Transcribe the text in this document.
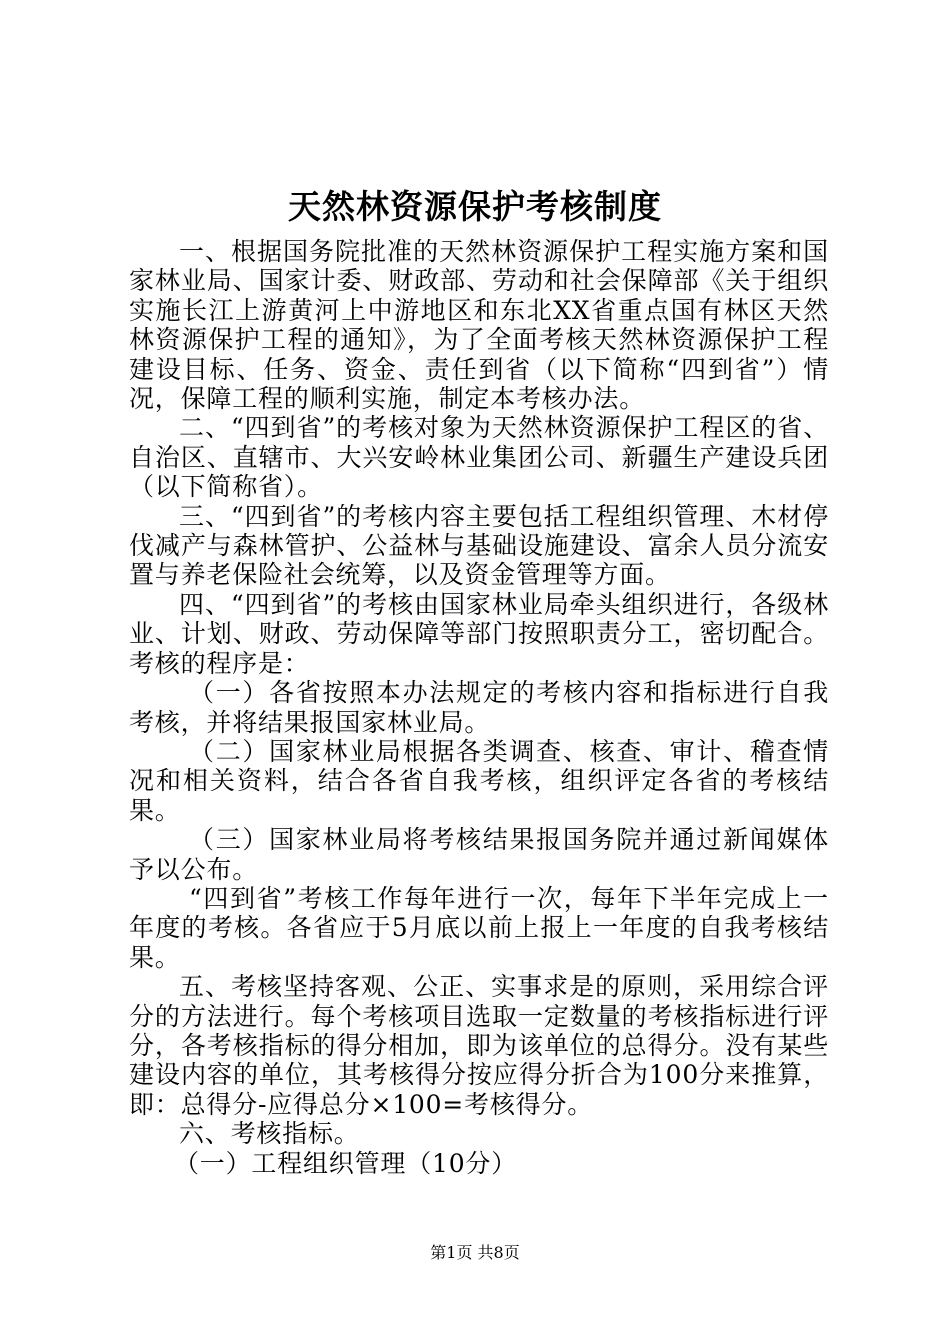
天然林资源保护考核制度

一、根据国务院批准的天然林资源保护工程实施方案和国家林业局、国家计委、财政部、劳动和社会保障部《关于组织实施长江上游黄河上中游地区和东北XX省重点国有林区天然林资源保护工程的通知》，为了全面考核天然林资源保护工程建设目标、任务、资金、责任到省（以下简称“四到省”）情况，保障工程的顺利实施，制定本考核办法。

二、“四到省”的考核对象为天然林资源保护工程区的省、自治区、直辖市、大兴安岭林业集团公司、新疆生产建设兵团（以下简称省）。

三、“四到省”的考核内容主要包括工程组织管理、木材停伐减产与森林管护、公益林与基础设施建设、富余人员分流安置与养老保险社会统筹，以及资金管理等方面。

四、“四到省”的考核由国家林业局牵头组织进行，各级林业、计划、财政、劳动保障等部门按照职责分工，密切配合。考核的程序是：

（一）各省按照本办法规定的考核内容和指标进行自我考核，并将结果报国家林业局。

（二）国家林业局根据各类调查、核查、审计、稽查情况和相关资料，结合各省自我考核，组织评定各省的考核结果。

（三）国家林业局将考核结果报国务院并通过新闻媒体予以公布。

“四到省”考核工作每年进行一次，每年下半年完成上一年度的考核。各省应于5月底以前上报上一年度的自我考核结果。

五、考核坚持客观、公正、实事求是的原则，采用综合评分的方法进行。每个考核项目选取一定数量的考核指标进行评分，各考核指标的得分相加，即为该单位的总得分。没有某些建设内容的单位，其考核得分按应得分折合为100分来推算，即：总得分-应得总分×100=考核得分。

六、考核指标。

（一）工程组织管理（10分）

第1页 共8页
